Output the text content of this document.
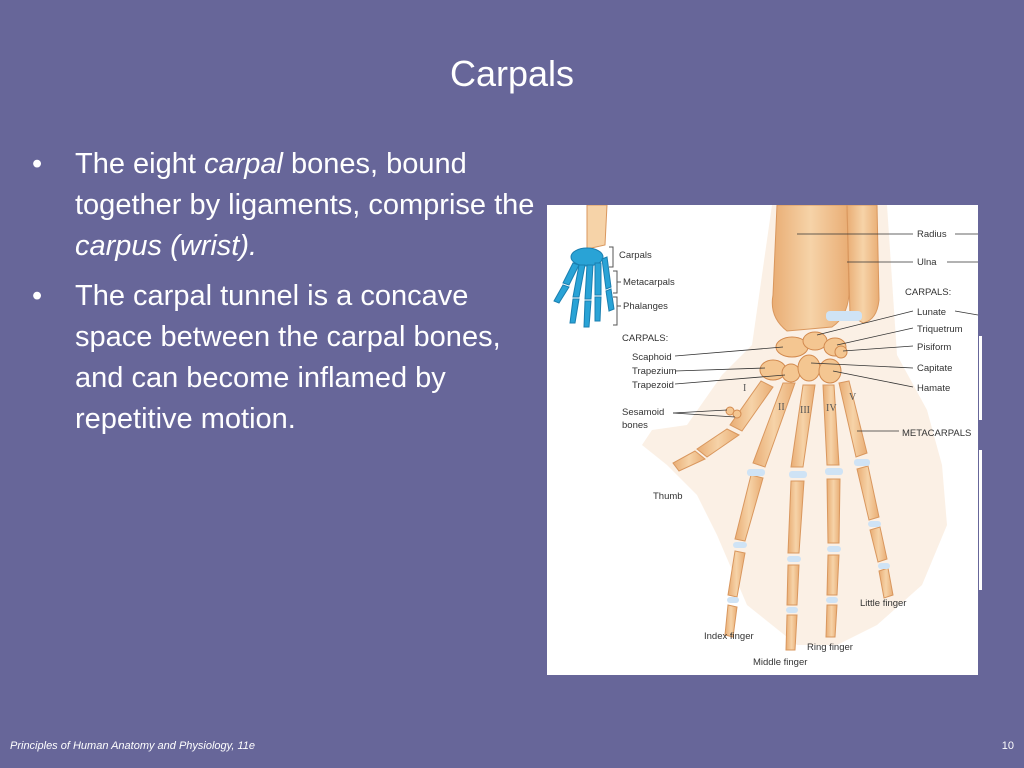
Carpals
• The eight carpal bones, bound together by ligaments, comprise the carpus (wrist).
• The carpal tunnel is a concave space between the carpal bones, and can become inflamed by repetitive motion.
Carpals
Metacarpals
Phalanges
CARPALS:
Scaphoid
Trapezium
Trapezoid
Sesamoid
bones
Thumb
Radius
Ulna
CARPALS:
Lunate
Triquetrum
Pisiform
Capitate
Hamate
METACARPALS
I
II III IV
V
Little finger
Index finger
Ring finger
Middle finger
Principles of Human Anatomy and Physiology, 11e	10
